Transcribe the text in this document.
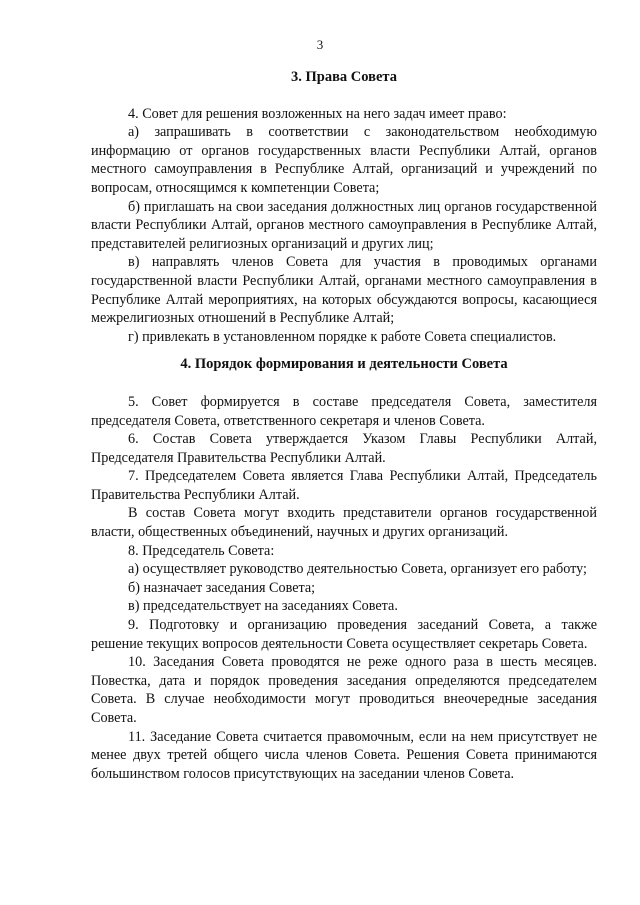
3
3. Права Совета

4. Совет для решения возложенных на него задач имеет право:

а) запрашивать в соответствии с законодательством необходимую информацию от органов государственных власти Республики Алтай, органов местного самоуправления в Республике Алтай, организаций и учреждений по вопросам, относящимся к компетенции Совета;

б) приглашать на свои заседания должностных лиц органов государственной власти Республики Алтай, органов местного самоуправления в Республике Алтай, представителей религиозных организаций и других лиц;

в) направлять членов Совета для участия в проводимых органами государственной власти Республики Алтай, органами местного самоуправления в Республике Алтай мероприятиях, на которых обсуждаются вопросы, касающиеся межрелигиозных отношений в Республике Алтай;

г) привлекать в установленном порядке к работе Совета специалистов.

4. Порядок формирования и деятельности Совета

5. Совет формируется в составе председателя Совета, заместителя председателя Совета, ответственного секретаря и членов Совета.

6. Состав Совета утверждается Указом Главы Республики Алтай, Председателя Правительства Республики Алтай.

7. Председателем Совета является Глава Республики Алтай, Председатель Правительства Республики Алтай.

В состав Совета могут входить представители органов государственной власти, общественных объединений, научных и других организаций.

8. Председатель Совета:

а) осуществляет руководство деятельностью Совета, организует его работу;

б) назначает заседания Совета;

в) председательствует на заседаниях Совета.

9. Подготовку и организацию проведения заседаний Совета, а также решение текущих вопросов деятельности Совета осуществляет секретарь Совета.

10. Заседания Совета проводятся не реже одного раза в шесть месяцев. Повестка, дата и порядок проведения заседания определяются председателем Совета. В случае необходимости могут проводиться внеочередные заседания Совета.

11. Заседание Совета считается правомочным, если на нем присутствует не менее двух третей общего числа членов Совета. Решения Совета принимаются большинством голосов присутствующих на заседании членов Совета.
